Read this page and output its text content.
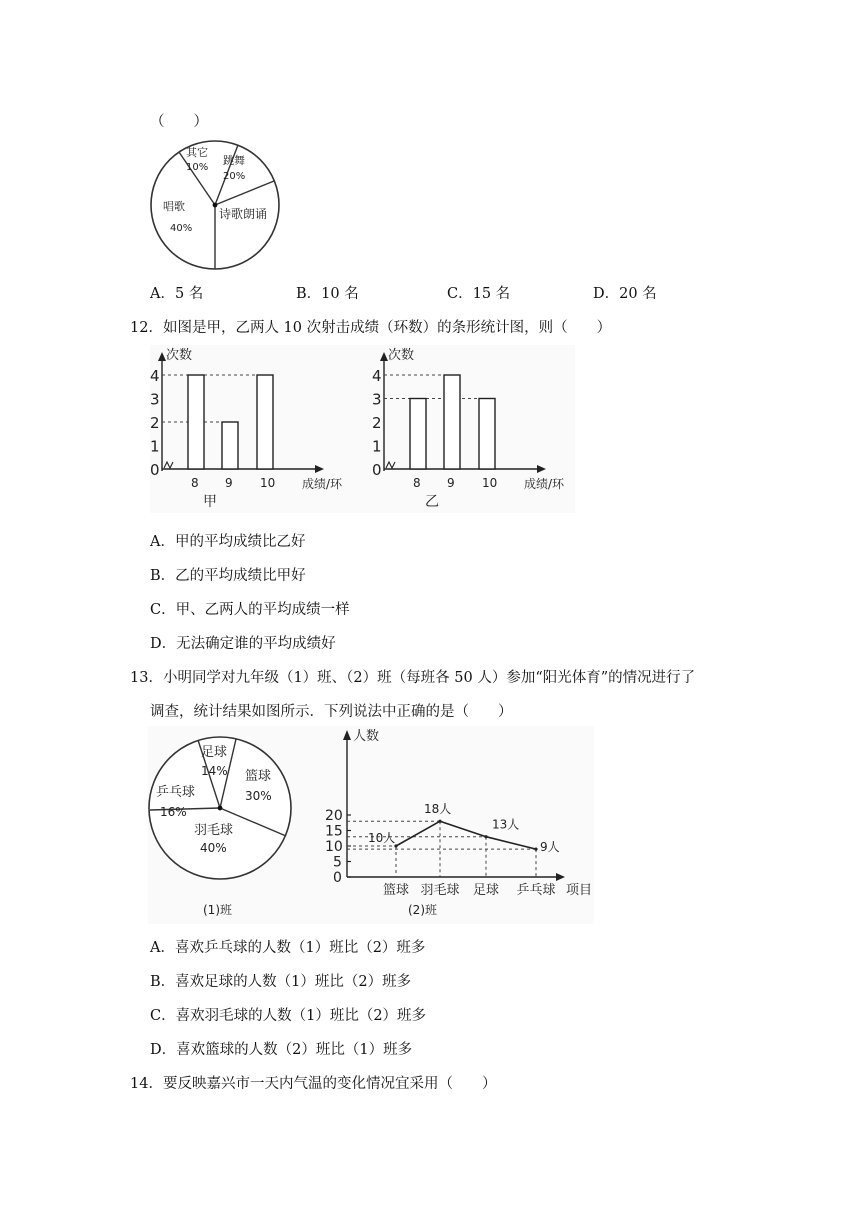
（　　）
其它
10%
跳舞
20%
诗歌朗诵
唱歌
40%
A．5 名	B．10 名	C．15 名	D．20 名
12．如图是甲，乙两人 10 次射击成绩（环数）的条形统计图，则（　　）
0
1
2
3
4
次数
8 9 10 成绩/环
甲
0
1
2
3
4
次数
8 9 10 成绩/环
乙
A．甲的平均成绩比乙好
B．乙的平均成绩比甲好
C．甲、乙两人的平均成绩一样
D．无法确定谁的平均成绩好
13．小明同学对九年级（1）班、（2）班（每班各 50 人）参加“阳光体育”的情况进行了
调查，统计结果如图所示．下列说法中正确的是（　　）
足球
14% 篮球
30%
羽毛球
40%
乒乓球
16%
(1)班
人数
0
5
10
15
20
10人
18人
13人
9人
篮球 羽毛球 足球 乒乓球 项目
(2)班
A．喜欢乒乓球的人数（1）班比（2）班多
B．喜欢足球的人数（1）班比（2）班多
C．喜欢羽毛球的人数（1）班比（2）班多
D．喜欢篮球的人数（2）班比（1）班多
14．要反映嘉兴市一天内气温的变化情况宜采用（　　）
